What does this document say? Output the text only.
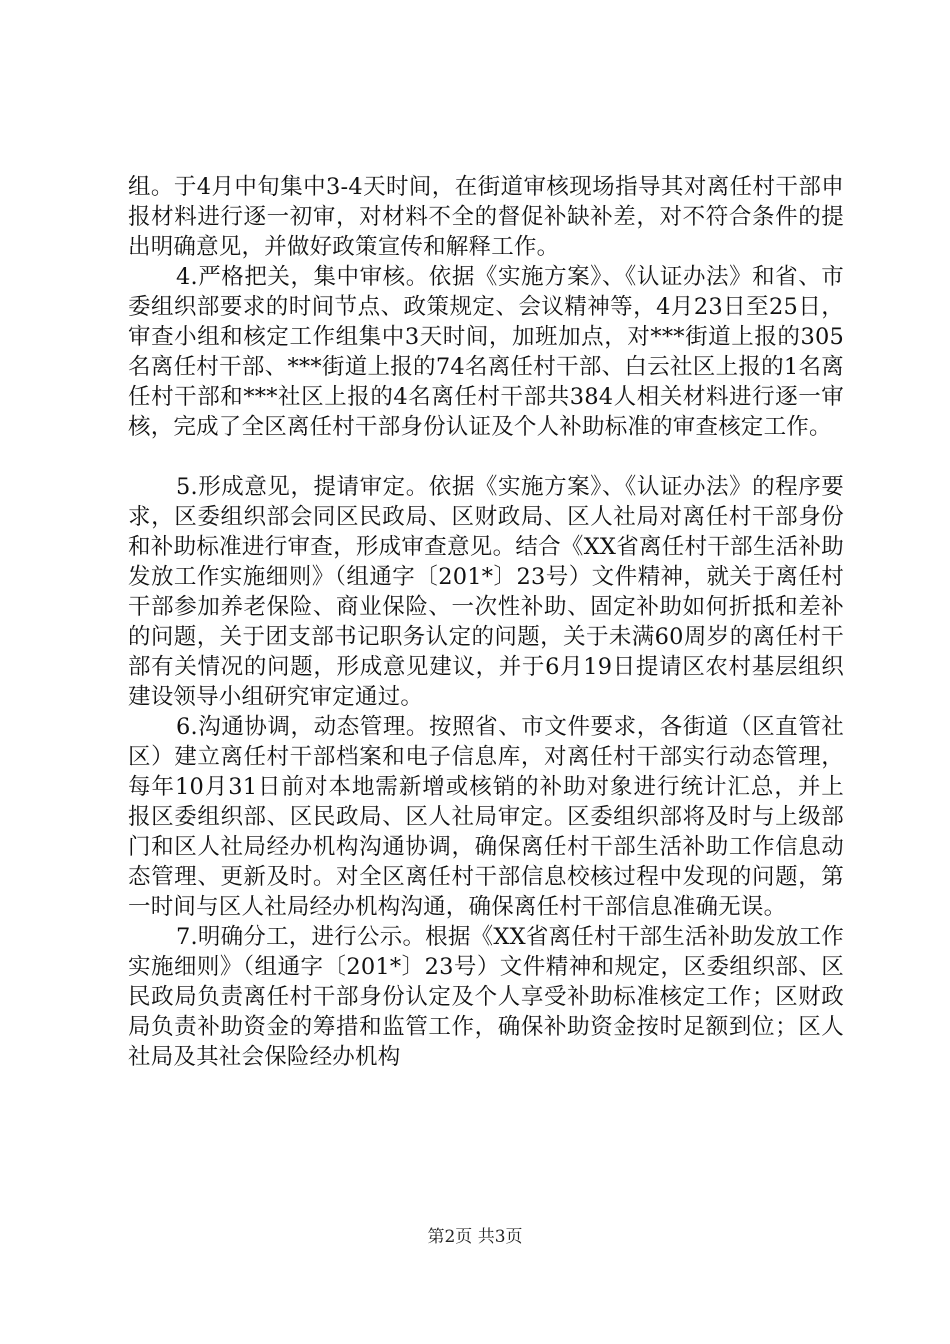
组。于4月中旬集中3-4天时间，在街道审核现场指导其对离任村干部申报材料进行逐一初审，对材料不全的督促补缺补差，对不符合条件的提出明确意见，并做好政策宣传和解释工作。

4.严格把关，集中审核。依据《实施方案》、《认证办法》和省、市委组织部要求的时间节点、政策规定、会议精神等，4月23日至25日，审查小组和核定工作组集中3天时间，加班加点，对***街道上报的305名离任村干部、***街道上报的74名离任村干部、白云社区上报的1名离任村干部和***社区上报的4名离任村干部共384人相关材料进行逐一审核，完成了全区离任村干部身份认证及个人补助标准的审查核定工作。

5.形成意见，提请审定。依据《实施方案》、《认证办法》的程序要求，区委组织部会同区民政局、区财政局、区人社局对离任村干部身份和补助标准进行审查，形成审查意见。结合《XX省离任村干部生活补助发放工作实施细则》（组通字〔201*〕23号）文件精神，就关于离任村干部参加养老保险、商业保险、一次性补助、固定补助如何折抵和差补的问题，关于团支部书记职务认定的问题，关于未满60周岁的离任村干部有关情况的问题，形成意见建议，并于6月19日提请区农村基层组织建设领导小组研究审定通过。

6.沟通协调，动态管理。按照省、市文件要求，各街道（区直管社区）建立离任村干部档案和电子信息库，对离任村干部实行动态管理，每年10月31日前对本地需新增或核销的补助对象进行统计汇总，并上报区委组织部、区民政局、区人社局审定。区委组织部将及时与上级部门和区人社局经办机构沟通协调，确保离任村干部生活补助工作信息动态管理、更新及时。对全区离任村干部信息校核过程中发现的问题，第一时间与区人社局经办机构沟通，确保离任村干部信息准确无误。

7.明确分工，进行公示。根据《XX省离任村干部生活补助发放工作实施细则》（组通字〔201*〕23号）文件精神和规定，区委组织部、区民政局负责离任村干部身份认定及个人享受补助标准核定工作；区财政局负责补助资金的筹措和监管工作，确保补助资金按时足额到位；区人社局及其社会保险经办机构

第2页 共3页
